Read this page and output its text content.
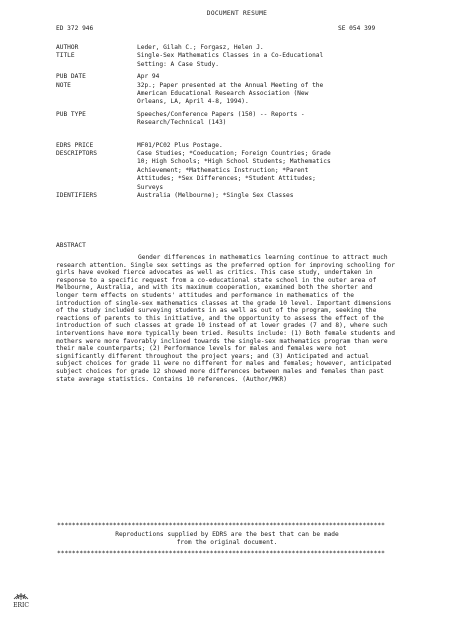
DOCUMENT RESUME
ED 372 946	SE 054 399
AUTHOR	Leder, Gilah C.; Forgasz, Helen J.
TITLE	Single-Sex Mathematics Classes in a Co-Educational
Setting: A Case Study.
PUB DATE	Apr 94
NOTE	32p.; Paper presented at the Annual Meeting of the
American Educational Research Association (New
Orleans, LA, April 4-8, 1994).
PUB TYPE	Speeches/Conference Papers (150) -- Reports -
Research/Technical (143)
EDRS PRICE	MF01/PC02 Plus Postage.
DESCRIPTORS	Case Studies; *Coeducation; Foreign Countries; Grade
10; High Schools; *High School Students; Mathematics
Achievement; *Mathematics Instruction; *Parent
Attitudes; *Sex Differences; *Student Attitudes;
Surveys
IDENTIFIERS	Australia (Melbourne); *Single Sex Classes
ABSTRACT
Gender differences in mathematics learning continue to attract much research attention. Single sex settings as the preferred option for improving schooling for girls have evoked fierce advocates as well as critics. This case study, undertaken in response to a specific request from a co-educational state school in the outer area of Melbourne, Australia, and with its maximum cooperation, examined both the shorter and longer term effects on students' attitudes and performance in mathematics of the introduction of single-sex mathematics classes at the grade 10 level. Important dimensions of the study included surveying students in as well as out of the program, seeking the reactions of parents to this initiative, and the opportunity to assess the effect of the introduction of such classes at grade 10 instead of at lower grades (7 and 8), where such interventions have more typically been tried. Results include: (1) Both female students and mothers were more favorably inclined towards the single-sex mathematics program than were their male counterparts; (2) Performance levels for males and females were not significantly different throughout the project years; and (3) Anticipated and actual subject choices for grade 11 were no different for males and females; however, anticipated subject choices for grade 12 showed more differences between males and females than past state average statistics. Contains 10 references. (Author/MKR)
****************************************************************************************
Reproductions supplied by EDRS are the best that can be made
from the original document.
****************************************************************************************
ERIC
